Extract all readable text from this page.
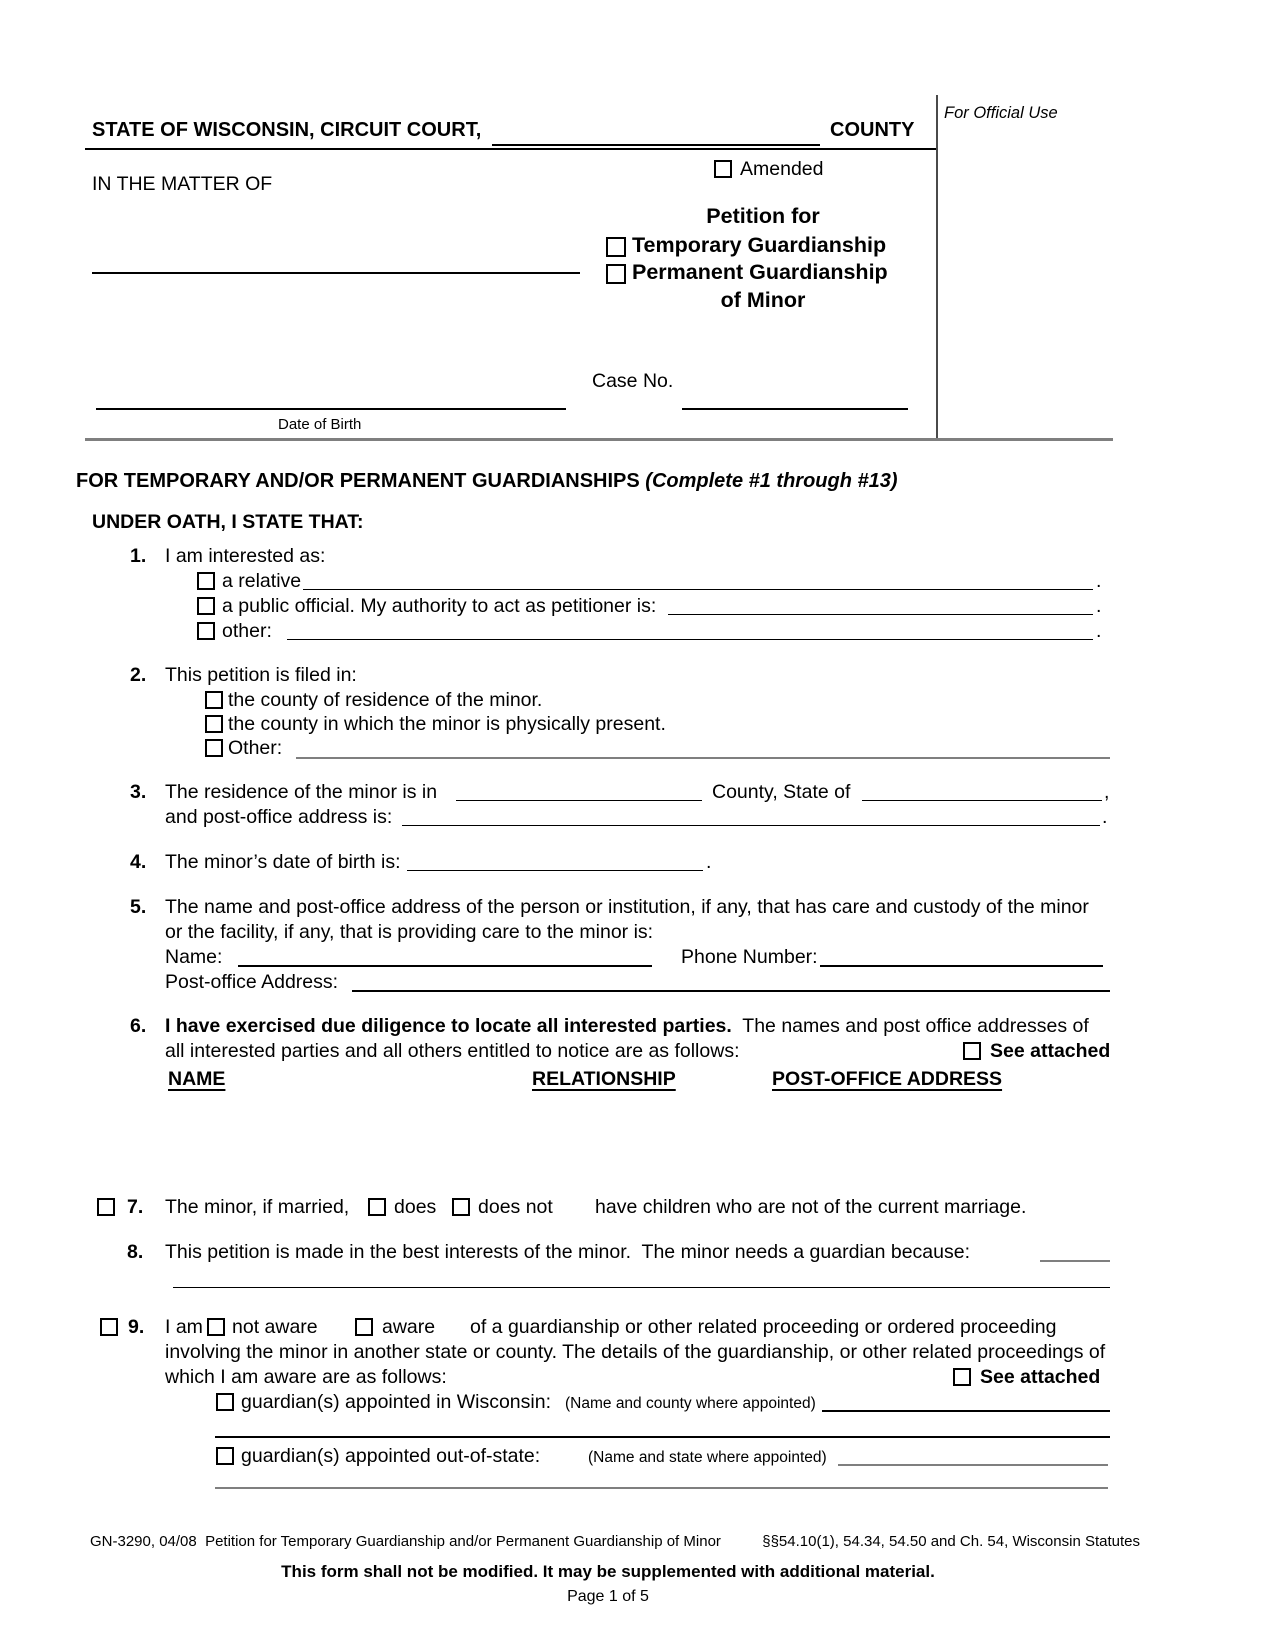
STATE OF WISCONSIN, CIRCUIT COURT,	COUNTY
For Official Use
IN THE MATTER OF
Amended
Petition for
Temporary Guardianship
Permanent Guardianship
of Minor
Date of Birth
Case No.
FOR TEMPORARY AND/OR PERMANENT GUARDIANSHIPS (Complete #1 through #13)
UNDER OATH, I STATE THAT:
1. I am interested as:
a relative	.
a public official. My authority to act as petitioner is:	.
other:	.
2. This petition is filed in:
the county of residence of the minor.
the county in which the minor is physically present.
Other:
3. The residence of the minor is in	County, State of	,
and post-office address is:	.
4. The minor’s date of birth is:	.
5. The name and post-office address of the person or institution, if any, that has care and custody of the minor
or the facility, if any, that is providing care to the minor is:
Name:	Phone Number:
Post-office Address:
6. I have exercised due diligence to locate all interested parties.  The names and post office addresses of
all interested parties and all others entitled to notice are as follows:	See attached
NAME	RELATIONSHIP	POST-OFFICE ADDRESS
7. The minor, if married, does does not have children who are not of the current marriage.
8. This petition is made in the best interests of the minor.  The minor needs a guardian because:
9. I am not aware	aware of a guardianship or other related proceeding or ordered proceeding
involving the minor in another state or county. The details of the guardianship, or other related proceedings of
which I am aware are as follows:	See attached
guardian(s) appointed in Wisconsin: (Name and county where appointed)
guardian(s) appointed out-of-state:	(Name and state where appointed)
GN-3290, 04/08  Petition for Temporary Guardianship and/or Permanent Guardianship of Minor	§§54.10(1), 54.34, 54.50 and Ch. 54, Wisconsin Statutes
This form shall not be modified. It may be supplemented with additional material.
Page 1 of 5
